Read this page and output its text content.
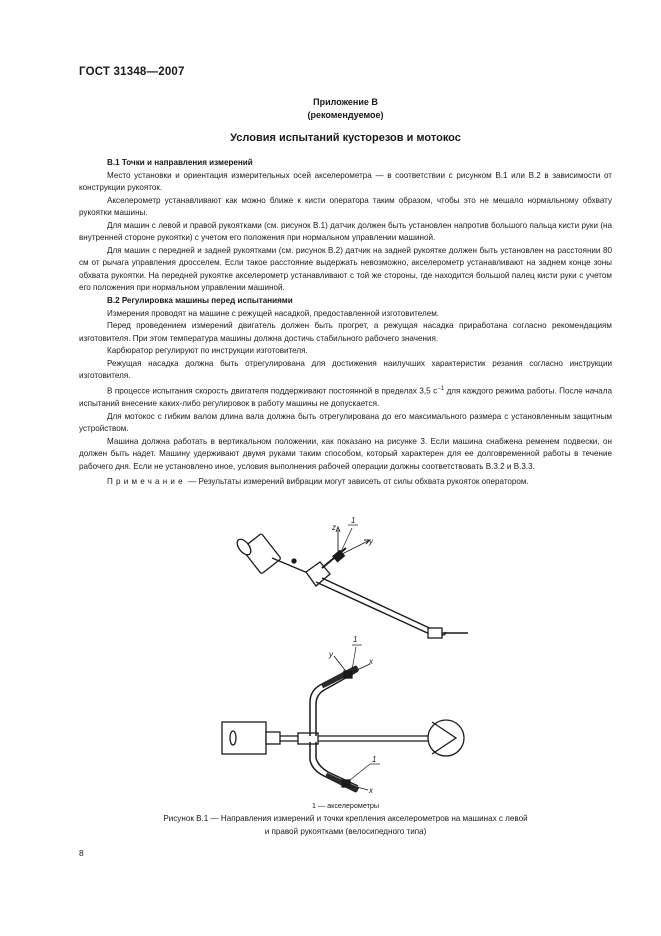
ГОСТ 31348—2007
Приложение В
(рекомендуемое)
Условия испытаний кусторезов и мотокос

В.1 Точки и направления измерений

Место установки и ориентация измерительных осей акселерометра — в соответствии с рисунком В.1 или В.2 в зависимости от конструкции рукояток.

Акселерометр устанавливают как можно ближе к кисти оператора таким образом, чтобы это не мешало нормальному обхвату рукоятки машины.

Для машин с левой и правой рукоятками (см. рисунок В.1) датчик должен быть установлен напротив большого пальца кисти руки (на внутренней стороне рукоятки) с учетом его положения при нормальном управлении машиной.

Для машин с передней и задней рукоятками (см. рисунок В.2) датчик на задней рукоятке должен быть установлен на расстоянии 80 см от рычага управления дросселем. Если такое расстояние выдержать невозможно, акселерометр устанавливают на заднем конце зоны обхвата рукоятки. На передней рукоятке акселерометр устанавливают с той же стороны, где находится большой палец кисти руки с учетом его положения при нормальном управлении машиной.

В.2 Регулировка машины перед испытаниями

Измерения проводят на машине с режущей насадкой, предоставленной изготовителем.

Перед проведением измерений двигатель должен быть прогрет, а режущая насадка приработана согласно рекомендациям изготовителя. При этом температура машины должна достичь стабильного рабочего значения.

Карбюратор регулируют по инструкции изготовителя.

Режущая насадка должна быть отрегулирована для достижения наилучших характеристик резания согласно инструкции изготовителя.

В процессе испытания скорость двигателя поддерживают постоянной в пределах 3,5 $с^{-1}$ для каждого режима работы. После начала испытаний внесение каких-либо регулировок в работу машины не допускается.

Для мотокос с гибким валом длина вала должна быть отрегулирована до его максимального размера с установленным защитным устройством.

Машина должна работать в вертикальном положении, как показано на рисунке 3. Если машина снабжена ременем подвески, он должен быть надет. Машину удерживают двумя руками таким способом, который характерен для ее долговременной работы в течение рабочего дня. Если не установлено иное, условия выполнения рабочей операции должны соответствовать В.3.2 и В.3.3.

Примечание — Результаты измерений вибрации могут зависеть от силы обхвата рукояток оператором.

1
z
y
1
y
x
1
x
1 — акселерометры
Рисунок В.1 — Направления измерений и точки крепления акселерометров на машинах с левой
и правой рукоятками (велосипедного типа)
8
